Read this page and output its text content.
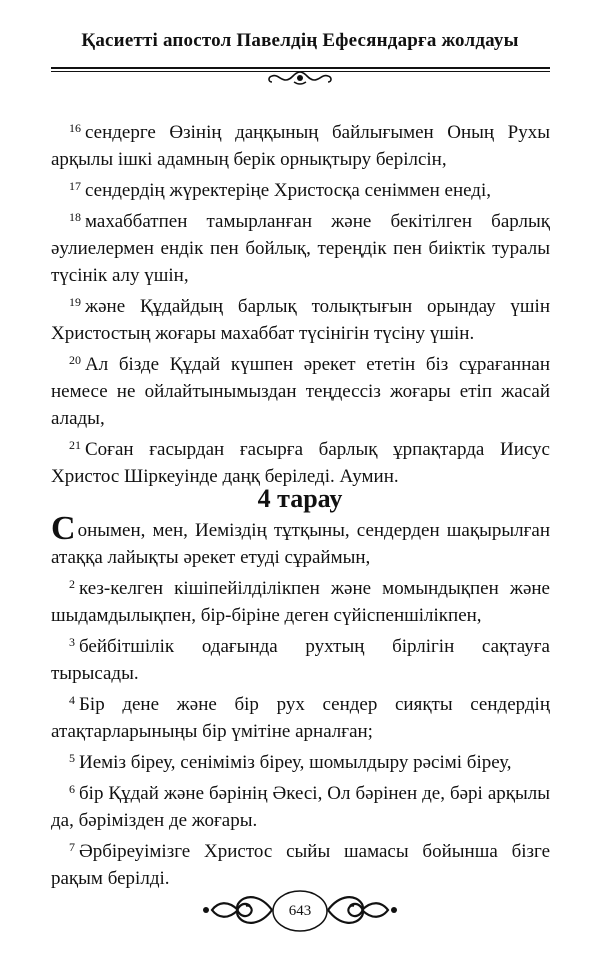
Қасиетті апостол Павелдің Ефесяндарға жолдауы

$^{16}$ сендерге Өзінің даңқының байлығымен Оның Рухы арқылы ішкі адамның берік орнықтыру берілсін,

$^{17}$ сендердің жүректеріңе Христосқа сеніммен енеді,

$^{18}$ махаббатпен тамырланған және бекітілген барлық әулиелермен ендік пен бойлық, тереңдік пен биіктік туралы түсінік алу үшін,

$^{19}$ және Құдайдың барлық толықтығын орындау үшін Христостың жоғары махаббат түсінігін түсіну үшін.

$^{20}$ Ал бізде Құдай күшпен әрекет ететін біз сұрағаннан немесе не ойлайтынымыздан теңдессіз жоғары етіп жасай алады,

$^{21}$ Соған ғасырдан ғасырға барлық ұрпақтарда Иисус Христос Шіркеуінде даңқ беріледі. Аумин.

4 тарау

Сонымен, мен, Иеміздің тұтқыны, сендерден шақырылған атаққа лайықты әрекет етуді сұраймын,

$^2$ кез-келген кішіпейілділікпен және момындықпен және шыдамдылықпен, бір-біріне деген сүйіспеншілікпен,

$^3$ бейбітшілік одағында рухтың бірлігін сақтауға тырысады.

$^4$ Бір дене және бір рух сендер сияқты сендердің атақтарларыныңы бір үмітіне арналған;

$^5$ Иеміз біреу, сеніміміз біреу, шомылдыру рәсімі біреу,

$^6$ бір Құдай және бәрінің Әкесі, Ол бәрінен де, бәрі арқылы да, бәрімізден де жоғары.

$^7$ Әрбіреуімізге Христос сыйы шамасы бойынша бізге рақым берілді.

643
